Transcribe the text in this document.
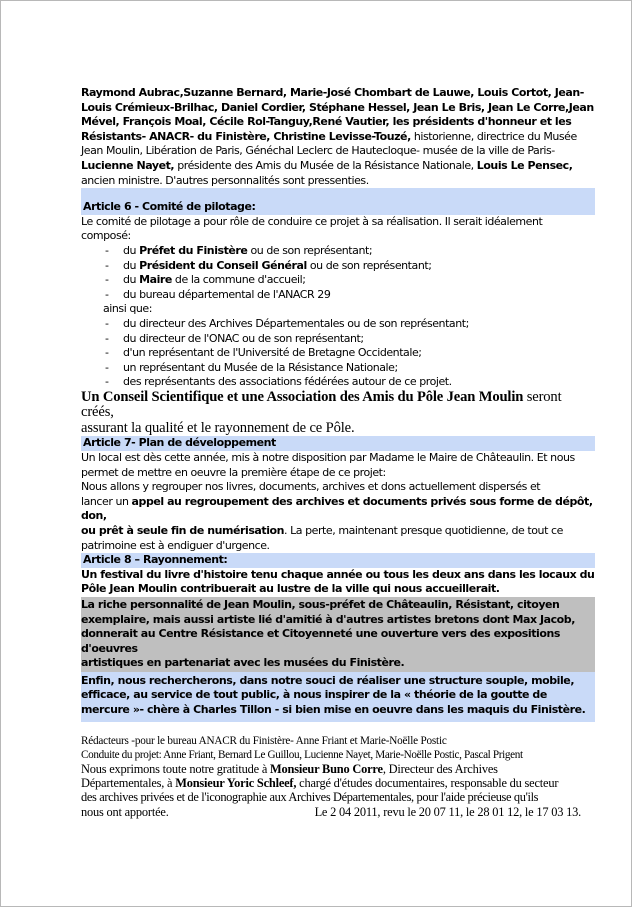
Raymond Aubrac,Suzanne Bernard, Marie-José Chombart de Lauwe, Louis Cortot, Jean-

Louis Crémieux-Brilhac, Daniel Cordier, Stéphane Hessel, Jean Le Bris, Jean Le Corre,Jean

Mével, François Moal, Cécile Rol-Tanguy,René Vautier, les présidents d'honneur et les

Résistants- ANACR- du Finistère, Christine Levisse-Touzé, historienne, directrice du Musée

Jean Moulin, Libération de Paris, Généchal Leclerc de Hautecloque- musée de la ville de Paris-

Lucienne Nayet, présidente des Amis du Musée de la Résistance Nationale, Louis Le Pensec,

ancien ministre. D'autres personnalités sont pressenties.

Article 6 - Comité de pilotage:

Le comité de pilotage a pour rôle de conduire ce projet à sa réalisation. Il serait idéalement

composé:

- du Préfet du Finistère ou de son représentant;

- du Président du Conseil Général ou de son représentant;

- du Maire de la commune d'accueil;

- du bureau départemental de l'ANACR 29

ainsi que:

- du directeur des Archives Départementales ou de son représentant;

- du directeur de l'ONAC ou de son représentant;

- d'un représentant de l'Université de Bretagne Occidentale;

- un représentant du Musée de la Résistance Nationale;

- des représentants des associations fédérées autour de ce projet.

Un Conseil Scientifique et une Association des Amis du Pôle Jean Moulin seront créés,

assurant la qualité et le rayonnement de ce Pôle.

Article 7- Plan de développement

Un local est dès cette année, mis à notre disposition par Madame le Maire de Châteaulin. Et nous

permet de mettre en oeuvre la première étape de ce projet:

Nous allons y regrouper nos livres, documents, archives et dons actuellement dispersés et

lancer un appel au regroupement des archives et documents privés sous forme de dépôt, don,

ou prêt à seule fin de numérisation. La perte, maintenant presque quotidienne, de tout ce

patrimoine est à endiguer d'urgence.

Article 8 – Rayonnement:

Un festival du livre d'histoire tenu chaque année ou tous les deux ans dans les locaux du

Pôle Jean Moulin contribuerait au lustre de la ville qui nous accueillerait.

La riche personnalité de Jean Moulin, sous-préfet de Châteaulin, Résistant, citoyen

exemplaire, mais aussi artiste lié d'amitié à d'autres artistes bretons dont Max Jacob,

donnerait au Centre Résistance et Citoyenneté une ouverture vers des expositions d'oeuvres

artistiques en partenariat avec les musées du Finistère.

Enfin, nous rechercherons, dans notre souci de réaliser une structure souple, mobile,

efficace, au service de tout public, à nous inspirer de la « théorie de la goutte de

mercure »- chère à Charles Tillon - si bien mise en oeuvre dans les maquis du Finistère.

Rédacteurs -pour le bureau ANACR du Finistère- Anne Friant et Marie-Noëlle Postic

Conduite du projet: Anne Friant, Bernard Le Guillou, Lucienne Nayet, Marie-Noëlle Postic, Pascal Prigent

Nous exprimons toute notre gratitude à Monsieur Buno Corre, Directeur des Archives

Départementales, à Monsieur Yoric Schleef, chargé d'études documentaires, responsable du secteur

des archives privées et de l'iconographie aux Archives Départementales, pour l'aide précieuse qu'ils

nous ont apportée.	Le 2 04 2011, revu le 20 07 11, le 28 01 12, le 17 03 13.
